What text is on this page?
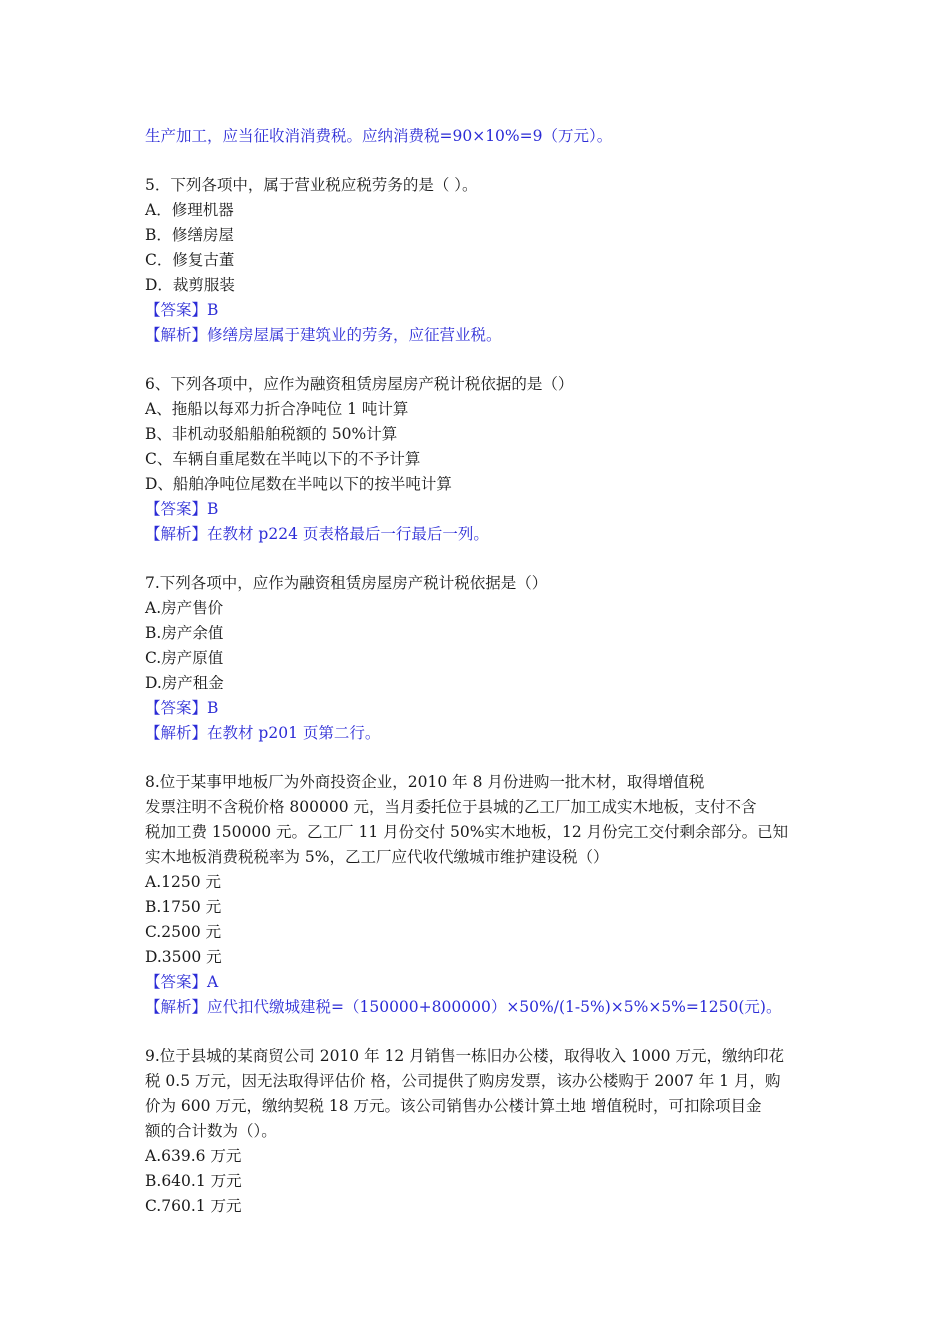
生产加工，应当征收消消费税。应纳消费税=90×10%=9（万元）。
5．下列各项中，属于营业税应税劳务的是（ ）。
A．修理机器
B．修缮房屋
C．修复古董
D．裁剪服装
【答案】B
【解析】修缮房屋属于建筑业的劳务，应征营业税。
6、下列各项中，应作为融资租赁房屋房产税计税依据的是（）
A、拖船以每邓力折合净吨位 1 吨计算
B、非机动驳船船舶税额的 50%计算
C、车辆自重尾数在半吨以下的不予计算
D、船舶净吨位尾数在半吨以下的按半吨计算
【答案】B
【解析】在教材 p224 页表格最后一行最后一列。
7.下列各项中，应作为融资租赁房屋房产税计税依据是（）
A.房产售价
B.房产余值
C.房产原值
D.房产租金
【答案】B
【解析】在教材 p201 页第二行。
8.位于某事甲地板厂为外商投资企业，2010 年 8 月份进购一批木材，取得增值税
发票注明不含税价格 800000 元，当月委托位于县城的乙工厂加工成实木地板，支付不含
税加工费 150000 元。乙工厂 11 月份交付 50%实木地板，12 月份完工交付剩余部分。已知
实木地板消费税税率为 5%，乙工厂应代收代缴城市维护建设税（）
A.1250 元
B.1750 元
C.2500 元
D.3500 元
【答案】A
【解析】应代扣代缴城建税=（150000+800000）×50%/(1-5%)×5%×5%=1250(元)。
9.位于县城的某商贸公司 2010 年 12 月销售一栋旧办公楼，取得收入 1000 万元，缴纳印花
税 0.5 万元，因无法取得评估价 格，公司提供了购房发票，该办公楼购于 2007 年 1 月，购
价为 600 万元，缴纳契税 18 万元。该公司销售办公楼计算土地 增值税时，可扣除项目金
额的合计数为（）。
A.639.6 万元
B.640.1 万元
C.760.1 万元
